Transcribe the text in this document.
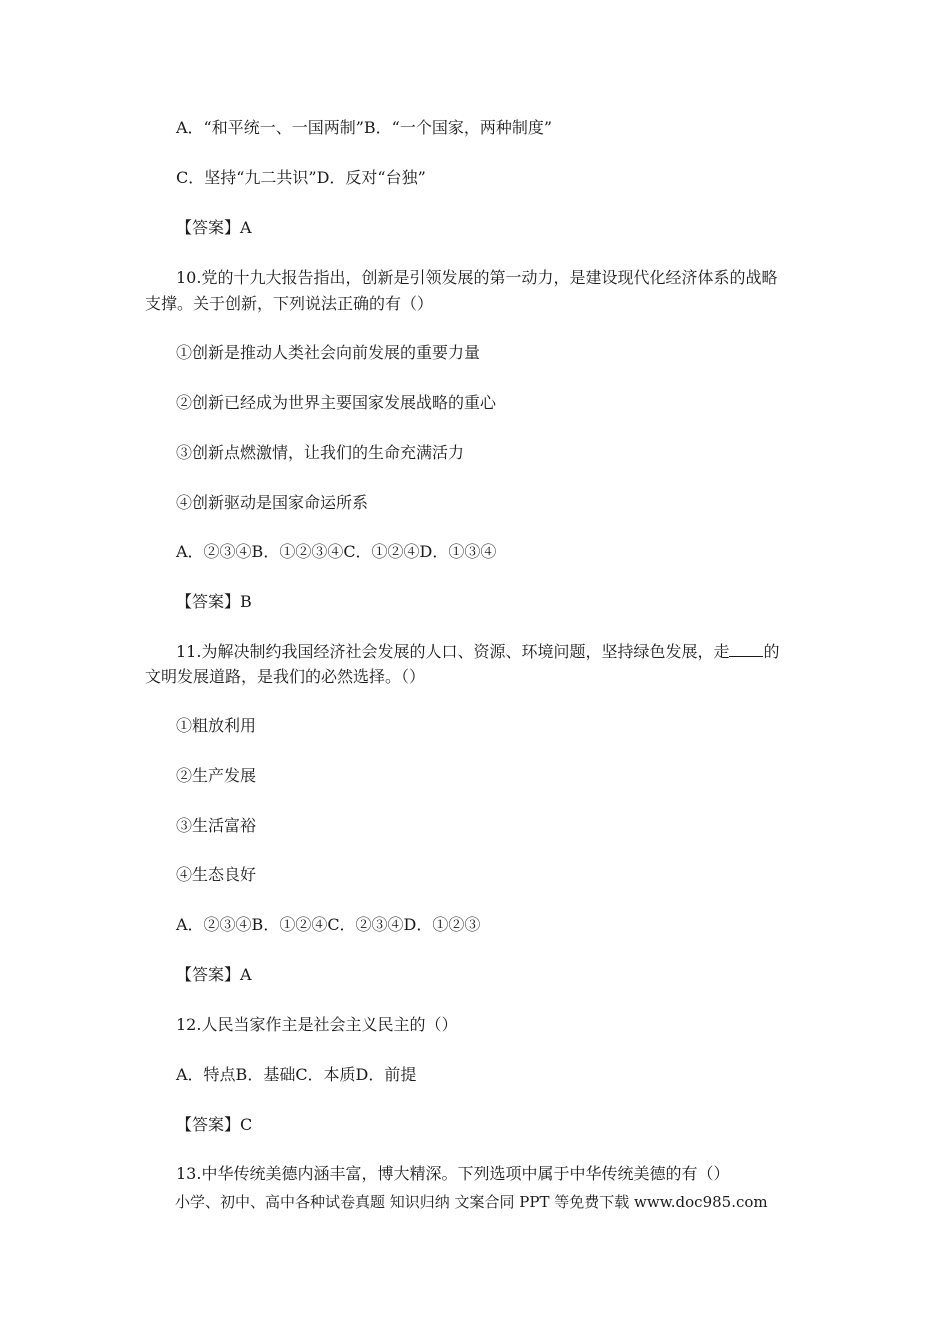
A．“和平统一、一国两制”B．“一个国家，两种制度”
C．坚持“九二共识”D．反对“台独”
【答案】A
10.党的十九大报告指出，创新是引领发展的第一动力，是建设现代化经济体系的战略
支撑。关于创新，下列说法正确的有（）
①创新是推动人类社会向前发展的重要力量
②创新已经成为世界主要国家发展战略的重心
③创新点燃激情，让我们的生命充满活力
④创新驱动是国家命运所系
A．②③④B．①②③④C．①②④D．①③④
【答案】B
11.为解决制约我国经济社会发展的人口、资源、环境问题，坚持绿色发展，走 的
文明发展道路，是我们的必然选择。（）
①粗放利用
②生产发展
③生活富裕
④生态良好
A．②③④B．①②④C．②③④D．①②③
【答案】A
12.人民当家作主是社会主义民主的（）
A．特点B．基础C．本质D．前提
【答案】C
13.中华传统美德内涵丰富，博大精深。下列选项中属于中华传统美德的有（）
小学、初中、高中各种试卷真题 知识归纳 文案合同 PPT 等免费下载 www.doc985.com
